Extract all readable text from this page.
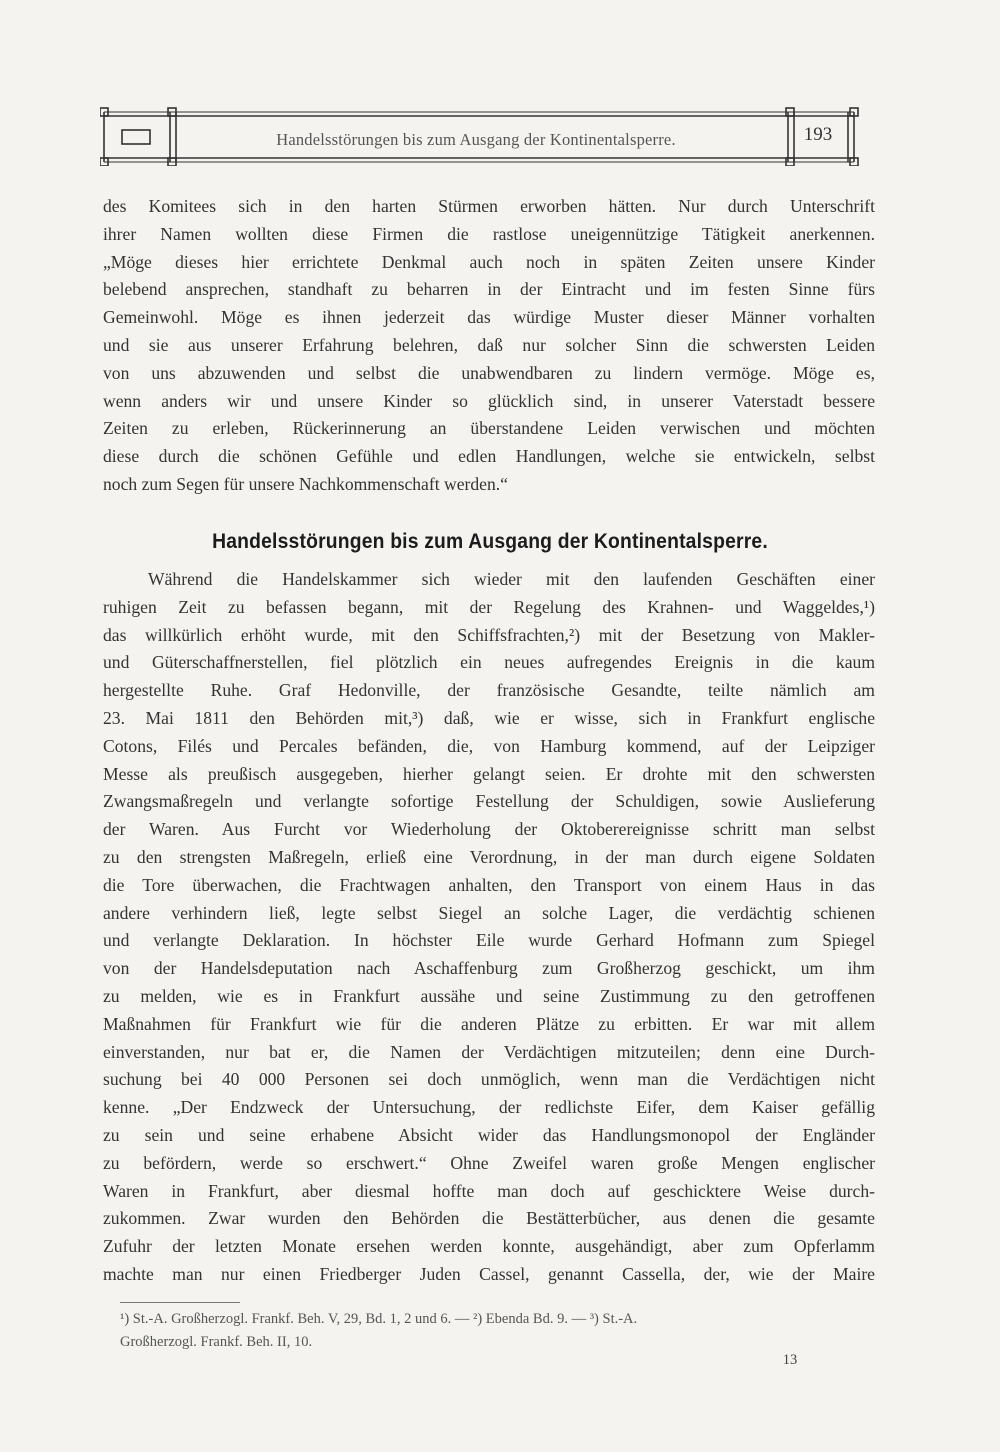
Handelsstörungen bis zum Ausgang der Kontinentalsperre.	193
des Komitees sich in den harten Stürmen erworben hätten. Nur durch Unterschrift
ihrer Namen wollten diese Firmen die rastlose uneigennützige Tätigkeit anerkennen.
„Möge dieses hier errichtete Denkmal auch noch in späten Zeiten unsere Kinder
belebend ansprechen, standhaft zu beharren in der Eintracht und im festen Sinne fürs
Gemeinwohl. Möge es ihnen jederzeit das würdige Muster dieser Männer vorhalten
und sie aus unserer Erfahrung belehren, daß nur solcher Sinn die schwersten Leiden
von uns abzuwenden und selbst die unabwendbaren zu lindern vermöge. Möge es,
wenn anders wir und unsere Kinder so glücklich sind, in unserer Vaterstadt bessere
Zeiten zu erleben, Rückerinnerung an überstandene Leiden verwischen und möchten
diese durch die schönen Gefühle und edlen Handlungen, welche sie entwickeln, selbst
noch zum Segen für unsere Nachkommenschaft werden.“
Handelsstörungen bis zum Ausgang der Kontinentalsperre.
Während die Handelskammer sich wieder mit den laufenden Geschäften einer
ruhigen Zeit zu befassen begann, mit der Regelung des Krahnen- und Waggeldes,¹)
das willkürlich erhöht wurde, mit den Schiffsfrachten,²) mit der Besetzung von Makler-
und Güterschaffnerstellen, fiel plötzlich ein neues aufregendes Ereignis in die kaum
hergestellte Ruhe. Graf Hedonville, der französische Gesandte, teilte nämlich am
23. Mai 1811 den Behörden mit,³) daß, wie er wisse, sich in Frankfurt englische
Cotons, Filés und Percales befänden, die, von Hamburg kommend, auf der Leipziger
Messe als preußisch ausgegeben, hierher gelangt seien. Er drohte mit den schwersten
Zwangsmaßregeln und verlangte sofortige Festellung der Schuldigen, sowie Auslieferung
der Waren. Aus Furcht vor Wiederholung der Oktoberereignisse schritt man selbst
zu den strengsten Maßregeln, erließ eine Verordnung, in der man durch eigene Soldaten
die Tore überwachen, die Frachtwagen anhalten, den Transport von einem Haus in das
andere verhindern ließ, legte selbst Siegel an solche Lager, die verdächtig schienen
und verlangte Deklaration. In höchster Eile wurde Gerhard Hofmann zum Spiegel
von der Handelsdeputation nach Aschaffenburg zum Großherzog geschickt, um ihm
zu melden, wie es in Frankfurt aussähe und seine Zustimmung zu den getroffenen
Maßnahmen für Frankfurt wie für die anderen Plätze zu erbitten. Er war mit allem
einverstanden, nur bat er, die Namen der Verdächtigen mitzuteilen; denn eine Durch-
suchung bei 40 000 Personen sei doch unmöglich, wenn man die Verdächtigen nicht
kenne. „Der Endzweck der Untersuchung, der redlichste Eifer, dem Kaiser gefällig
zu sein und seine erhabene Absicht wider das Handlungsmonopol der Engländer
zu befördern, werde so erschwert.“ Ohne Zweifel waren große Mengen englischer
Waren in Frankfurt, aber diesmal hoffte man doch auf geschicktere Weise durch-
zukommen. Zwar wurden den Behörden die Bestätterbücher, aus denen die gesamte
Zufuhr der letzten Monate ersehen werden konnte, ausgehändigt, aber zum Opferlamm
machte man nur einen Friedberger Juden Cassel, genannt Cassella, der, wie der Maire
¹) St.-A. Großherzogl. Frankf. Beh. V, 29, Bd. 1, 2 und 6. — ²) Ebenda Bd. 9. — ³) St.-A.
Großherzogl. Frankf. Beh. II, 10.
13
